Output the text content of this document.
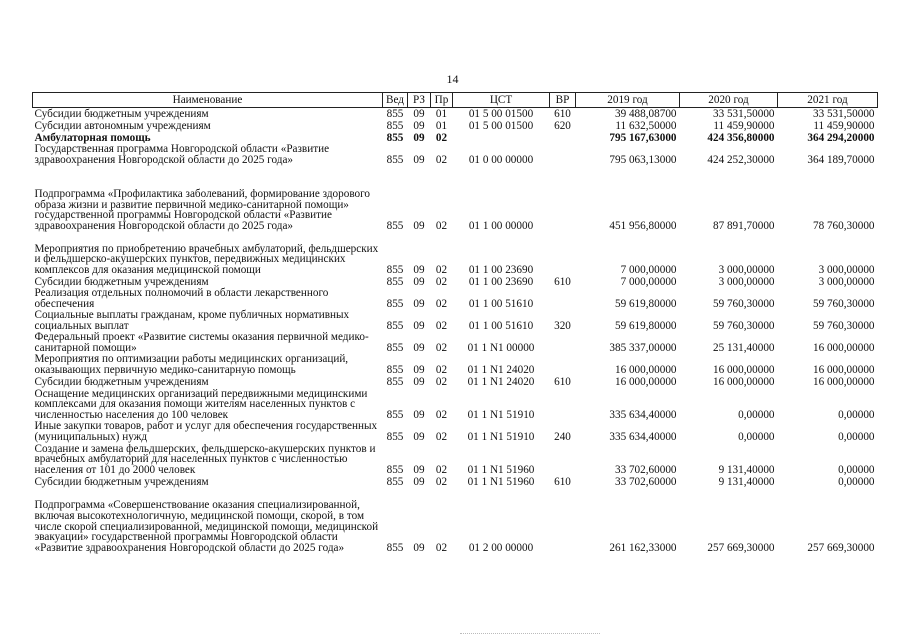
14
Наименование	Вед	РЗ	Пр	ЦСТ	ВР	2019 год	2020 год	2021 год
Субсидии бюджетным учреждениям	855	09	01	01 5 00 01500	610	39 488,08700	33 531,50000	33 531,50000
Субсидии автономным учреждениям	855	09	01	01 5 00 01500	620	11 632,50000	11 459,90000	11 459,90000
Амбулаторная помощь	855	09	02			795 167,63000	424 356,80000	364 294,20000
Государственная программа Новгородской области «Развитие здравоохранения Новгородской области до 2025 года»	855	09	02	01 0 00 00000		795 063,13000	424 252,30000	364 189,70000
Подпрограмма «Профилактика заболеваний, формирование здорового образа жизни и развитие первичной медико-санитарной помощи» государственной программы Новгородской области «Развитие здравоохранения Новгородской области до 2025 года»	855	09	02	01 1 00 00000		451 956,80000	87 891,70000	78 760,30000
Мероприятия по приобретению врачебных амбулаторий, фельдшерских и фельдшерско-акушерских пунктов, передвижных медицинских комплексов для оказания медицинской помощи	855	09	02	01 1 00 23690		7 000,00000	3 000,00000	3 000,00000
Субсидии бюджетным учреждениям	855	09	02	01 1 00 23690	610	7 000,00000	3 000,00000	3 000,00000
Реализация отдельных полномочий в области лекарственного обеспечения	855	09	02	01 1 00 51610		59 619,80000	59 760,30000	59 760,30000
Социальные выплаты гражданам, кроме публичных нормативных социальных выплат	855	09	02	01 1 00 51610	320	59 619,80000	59 760,30000	59 760,30000
Федеральный проект «Развитие системы оказания первичной медико-санитарной помощи»	855	09	02	01 1 N1 00000		385 337,00000	25 131,40000	16 000,00000
Мероприятия по оптимизации работы медицинских организаций, оказывающих первичную медико-санитарную помощь	855	09	02	01 1 N1 24020		16 000,00000	16 000,00000	16 000,00000
Субсидии бюджетным учреждениям	855	09	02	01 1 N1 24020	610	16 000,00000	16 000,00000	16 000,00000
Оснащение медицинских организаций передвижными медицинскими комплексами для оказания помощи жителям населенных пунктов с численностью населения до 100 человек	855	09	02	01 1 N1 51910		335 634,40000	0,00000	0,00000
Иные закупки товаров, работ и услуг для обеспечения государственных (муниципальных) нужд	855	09	02	01 1 N1 51910	240	335 634,40000	0,00000	0,00000
Создание и замена фельдшерских, фельдшерско-акушерских пунктов и врачебных амбулаторий для населенных пунктов с численностью населения от 101 до 2000 человек	855	09	02	01 1 N1 51960		33 702,60000	9 131,40000	0,00000
Субсидии бюджетным учреждениям	855	09	02	01 1 N1 51960	610	33 702,60000	9 131,40000	0,00000
Подпрограмма «Совершенствование оказания специализированной, включая высокотехнологичную, медицинской помощи, скорой, в том числе скорой специализированной, медицинской помощи, медицинской эвакуации» государственной программы Новгородской области «Развитие здравоохранения Новгородской области до 2025 года»	855	09	02	01 2 00 00000		261 162,33000	257 669,30000	257 669,30000
